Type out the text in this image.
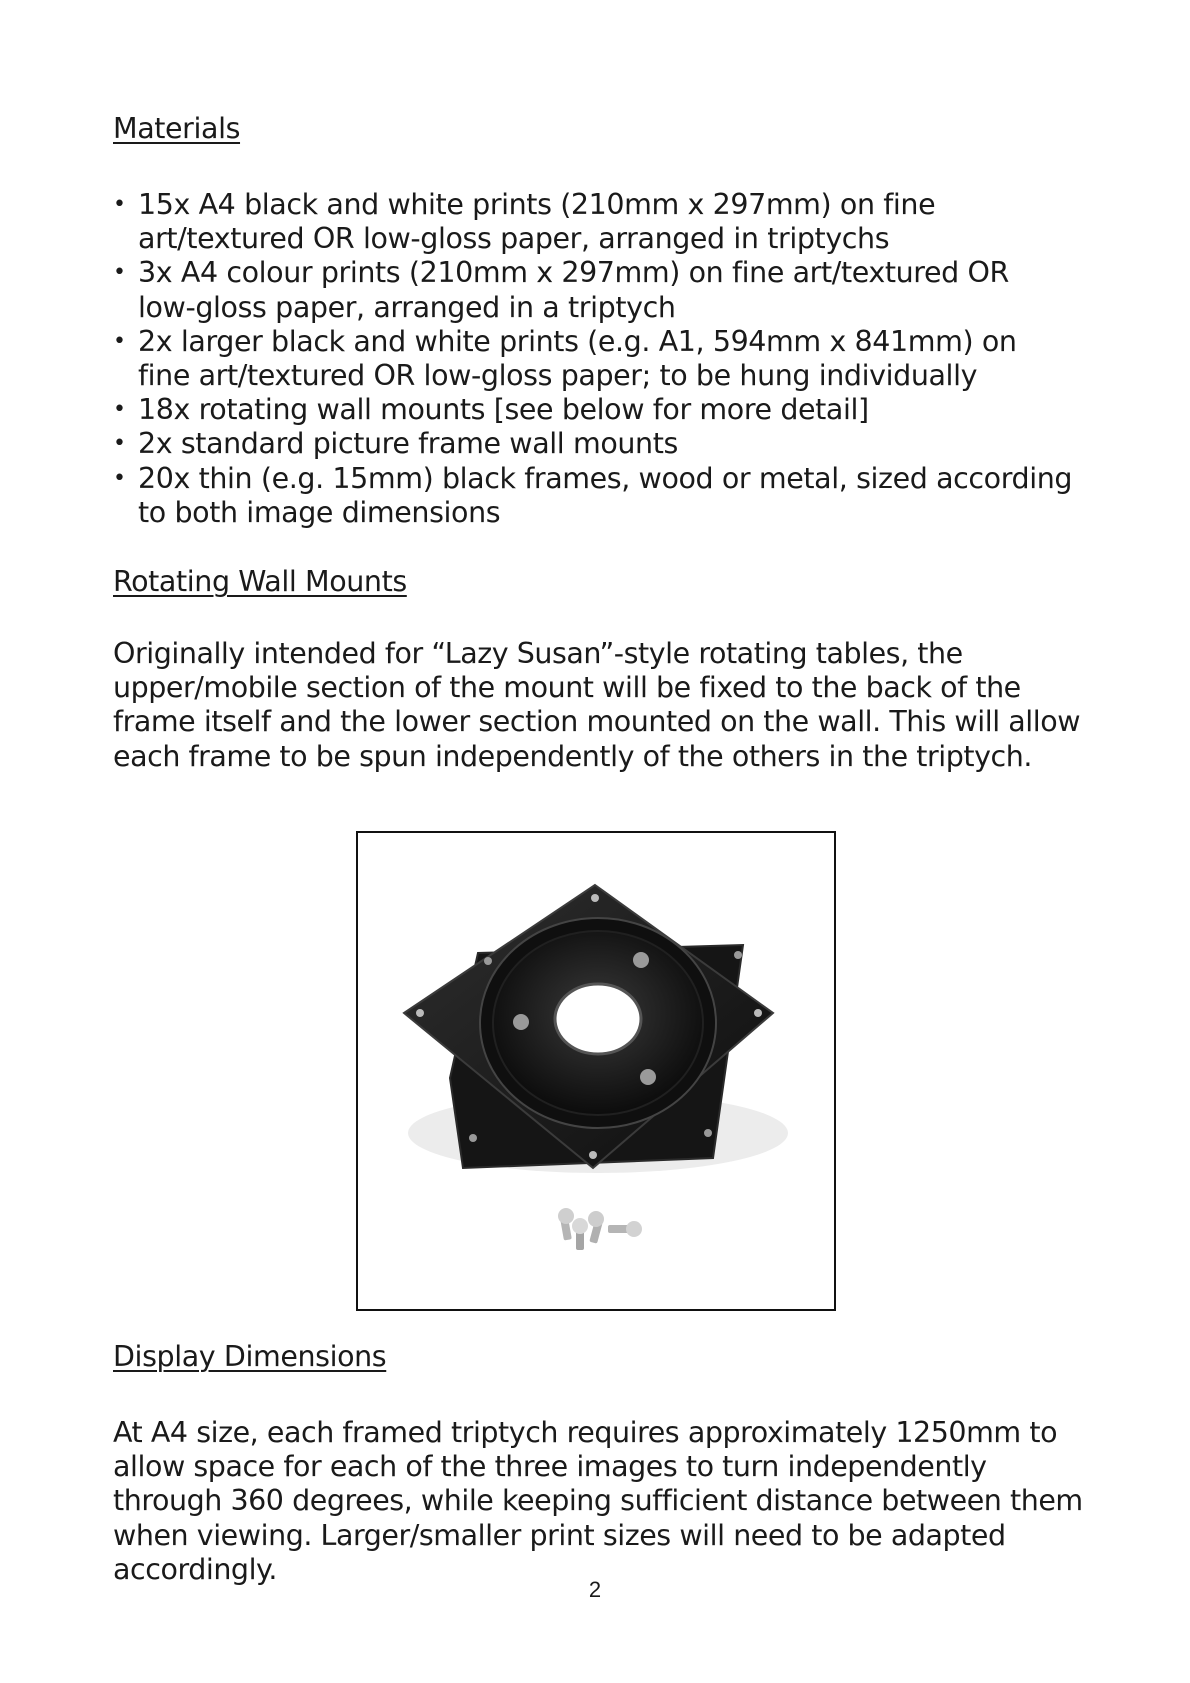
Materials
• 15x A4 black and white prints (210mm x 297mm) on fine art/textured OR low-gloss paper, arranged in triptychs
• 3x A4 colour prints (210mm x 297mm) on fine art/textured OR low-gloss paper, arranged in a triptych
• 2x larger black and white prints (e.g. A1, 594mm x 841mm) on fine art/textured OR low-gloss paper; to be hung individually
• 18x rotating wall mounts [see below for more detail]
• 2x standard picture frame wall mounts
• 20x thin (e.g. 15mm) black frames, wood or metal, sized according to both image dimensions
Rotating Wall Mounts

Originally intended for “Lazy Susan”-style rotating tables, the upper/mobile section of the mount will be fixed to the back of the frame itself and the lower section mounted on the wall. This will allow each frame to be spun independently of the others in the triptych.

Display Dimensions

At A4 size, each framed triptych requires approximately 1250mm to allow space for each of the three images to turn independently through 360 degrees, while keeping sufficient distance between them when viewing. Larger/smaller print sizes will need to be adapted accordingly.

2
